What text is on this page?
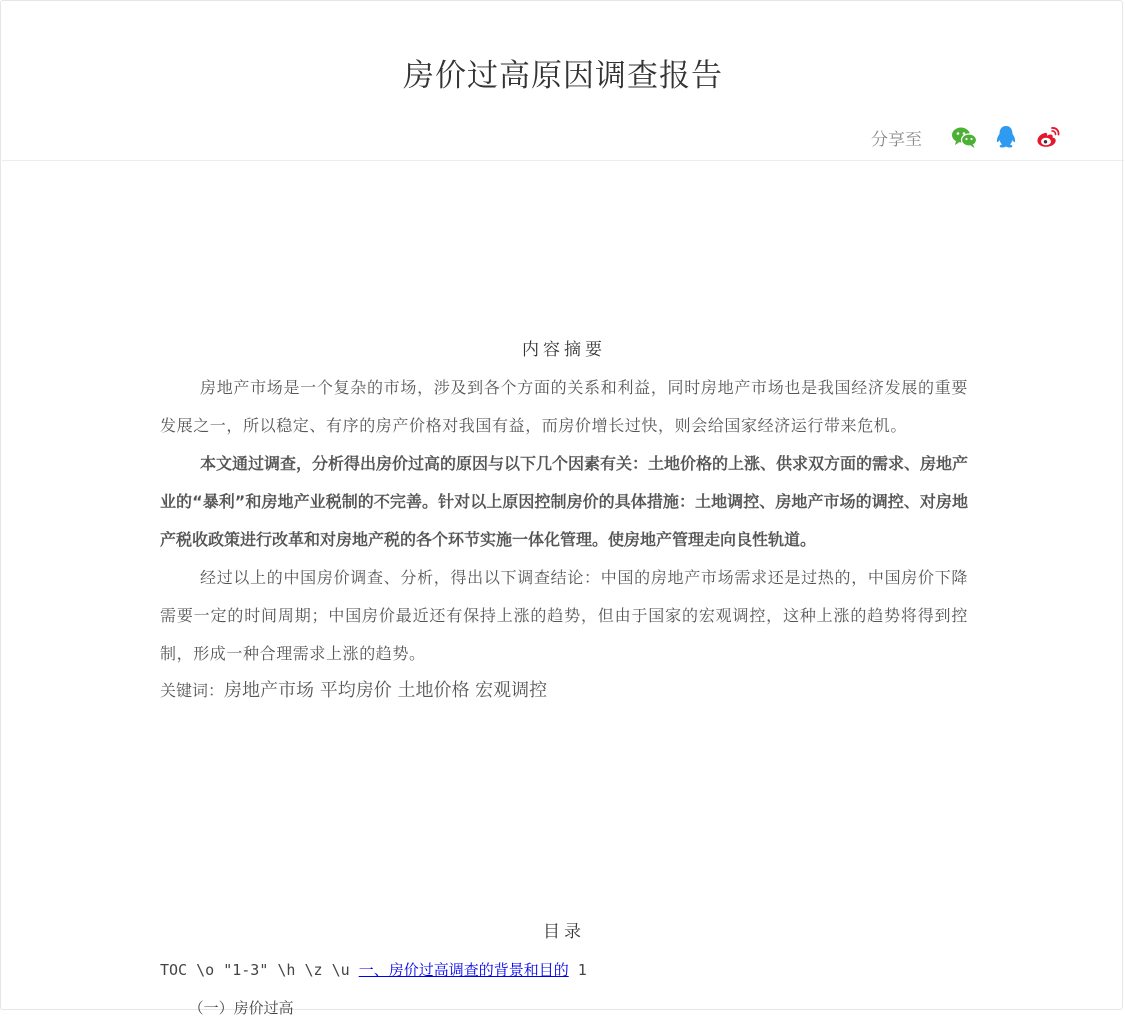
房价过高原因调查报告
分享至

内容摘要

房地产市场是一个复杂的市场，涉及到各个方面的关系和利益，同时房地产市场也是我国经济发展的重要发展之一，所以稳定、有序的房产价格对我国有益，而房价增长过快，则会给国家经济运行带来危机。

本文通过调查，分析得出房价过高的原因与以下几个因素有关：土地价格的上涨、供求双方面的需求、房地产业的“暴利”和房地产业税制的不完善。针对以上原因控制房价的具体措施：土地调控、房地产市场的调控、对房地产税收政策进行改革和对房地产税的各个环节实施一体化管理。使房地产管理走向良性轨道。

经过以上的中国房价调查、分析，得出以下调查结论：中国的房地产市场需求还是过热的，中国房价下降需要一定的时间周期；中国房价最近还有保持上涨的趋势，但由于国家的宏观调控，这种上涨的趋势将得到控制，形成一种合理需求上涨的趋势。

关键词：房地产市场 平均房价 土地价格 宏观调控

目录

TOC \o "1-3" \h \z \u 一、房价过高调查的背景和目的 1

（一）房价过高
